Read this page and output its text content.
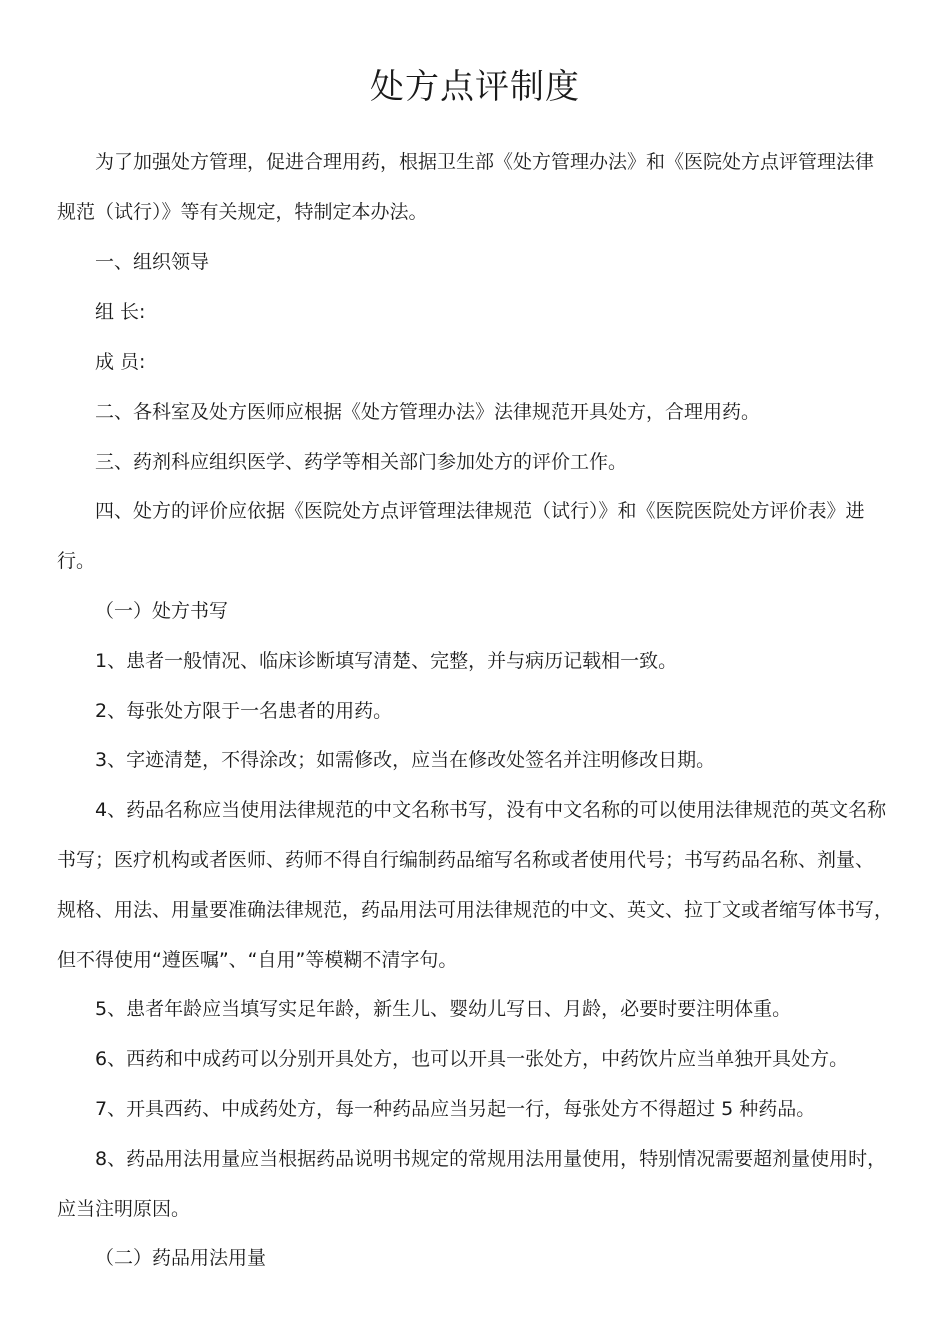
处方点评制度

为了加强处方管理，促进合理用药，根据卫生部《处方管理办法》和《医院处方点评管理法律

规范（试行）》等有关规定，特制定本办法。

一、组织领导

组 长:

成 员:

二、各科室及处方医师应根据《处方管理办法》法律规范开具处方，合理用药。

三、药剂科应组织医学、药学等相关部门参加处方的评价工作。

四、处方的评价应依据《医院处方点评管理法律规范（试行）》和《医院医院处方评价表》进

行。

（一）处方书写

1、患者一般情况、临床诊断填写清楚、完整，并与病历记载相一致。

2、每张处方限于一名患者的用药。

3、字迹清楚，不得涂改；如需修改，应当在修改处签名并注明修改日期。

4、药品名称应当使用法律规范的中文名称书写，没有中文名称的可以使用法律规范的英文名称

书写；医疗机构或者医师、药师不得自行编制药品缩写名称或者使用代号；书写药品名称、剂量、

规格、用法、用量要准确法律规范，药品用法可用法律规范的中文、英文、拉丁文或者缩写体书写，

但不得使用“遵医嘱”、“自用”等模糊不清字句。

5、患者年龄应当填写实足年龄，新生儿、婴幼儿写日、月龄，必要时要注明体重。

6、西药和中成药可以分别开具处方，也可以开具一张处方，中药饮片应当单独开具处方。

7、开具西药、中成药处方，每一种药品应当另起一行，每张处方不得超过 5 种药品。

8、药品用法用量应当根据药品说明书规定的常规用法用量使用，特别情况需要超剂量使用时，

应当注明原因。

（二）药品用法用量
